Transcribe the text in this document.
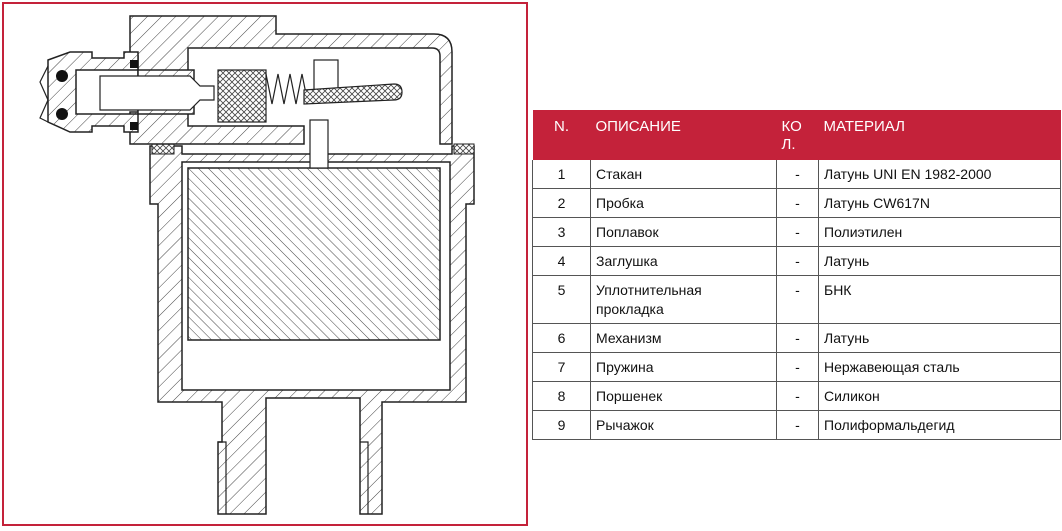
N.	ОПИСАНИЕ	КО Л.	МАТЕРИАЛ
1	Стакан	-	Латунь UNI EN 1982-2000
2	Пробка	-	Латунь CW617N
3	Поплавок	-	Полиэтилен
4	Заглушка	-	Латунь
5	Уплотнительная прокладка	-	БНК
6	Механизм	-	Латунь
7	Пружина	-	Нержавеющая сталь
8	Поршенек	-	Силикон
9	Рычажок	-	Полиформальдегид
